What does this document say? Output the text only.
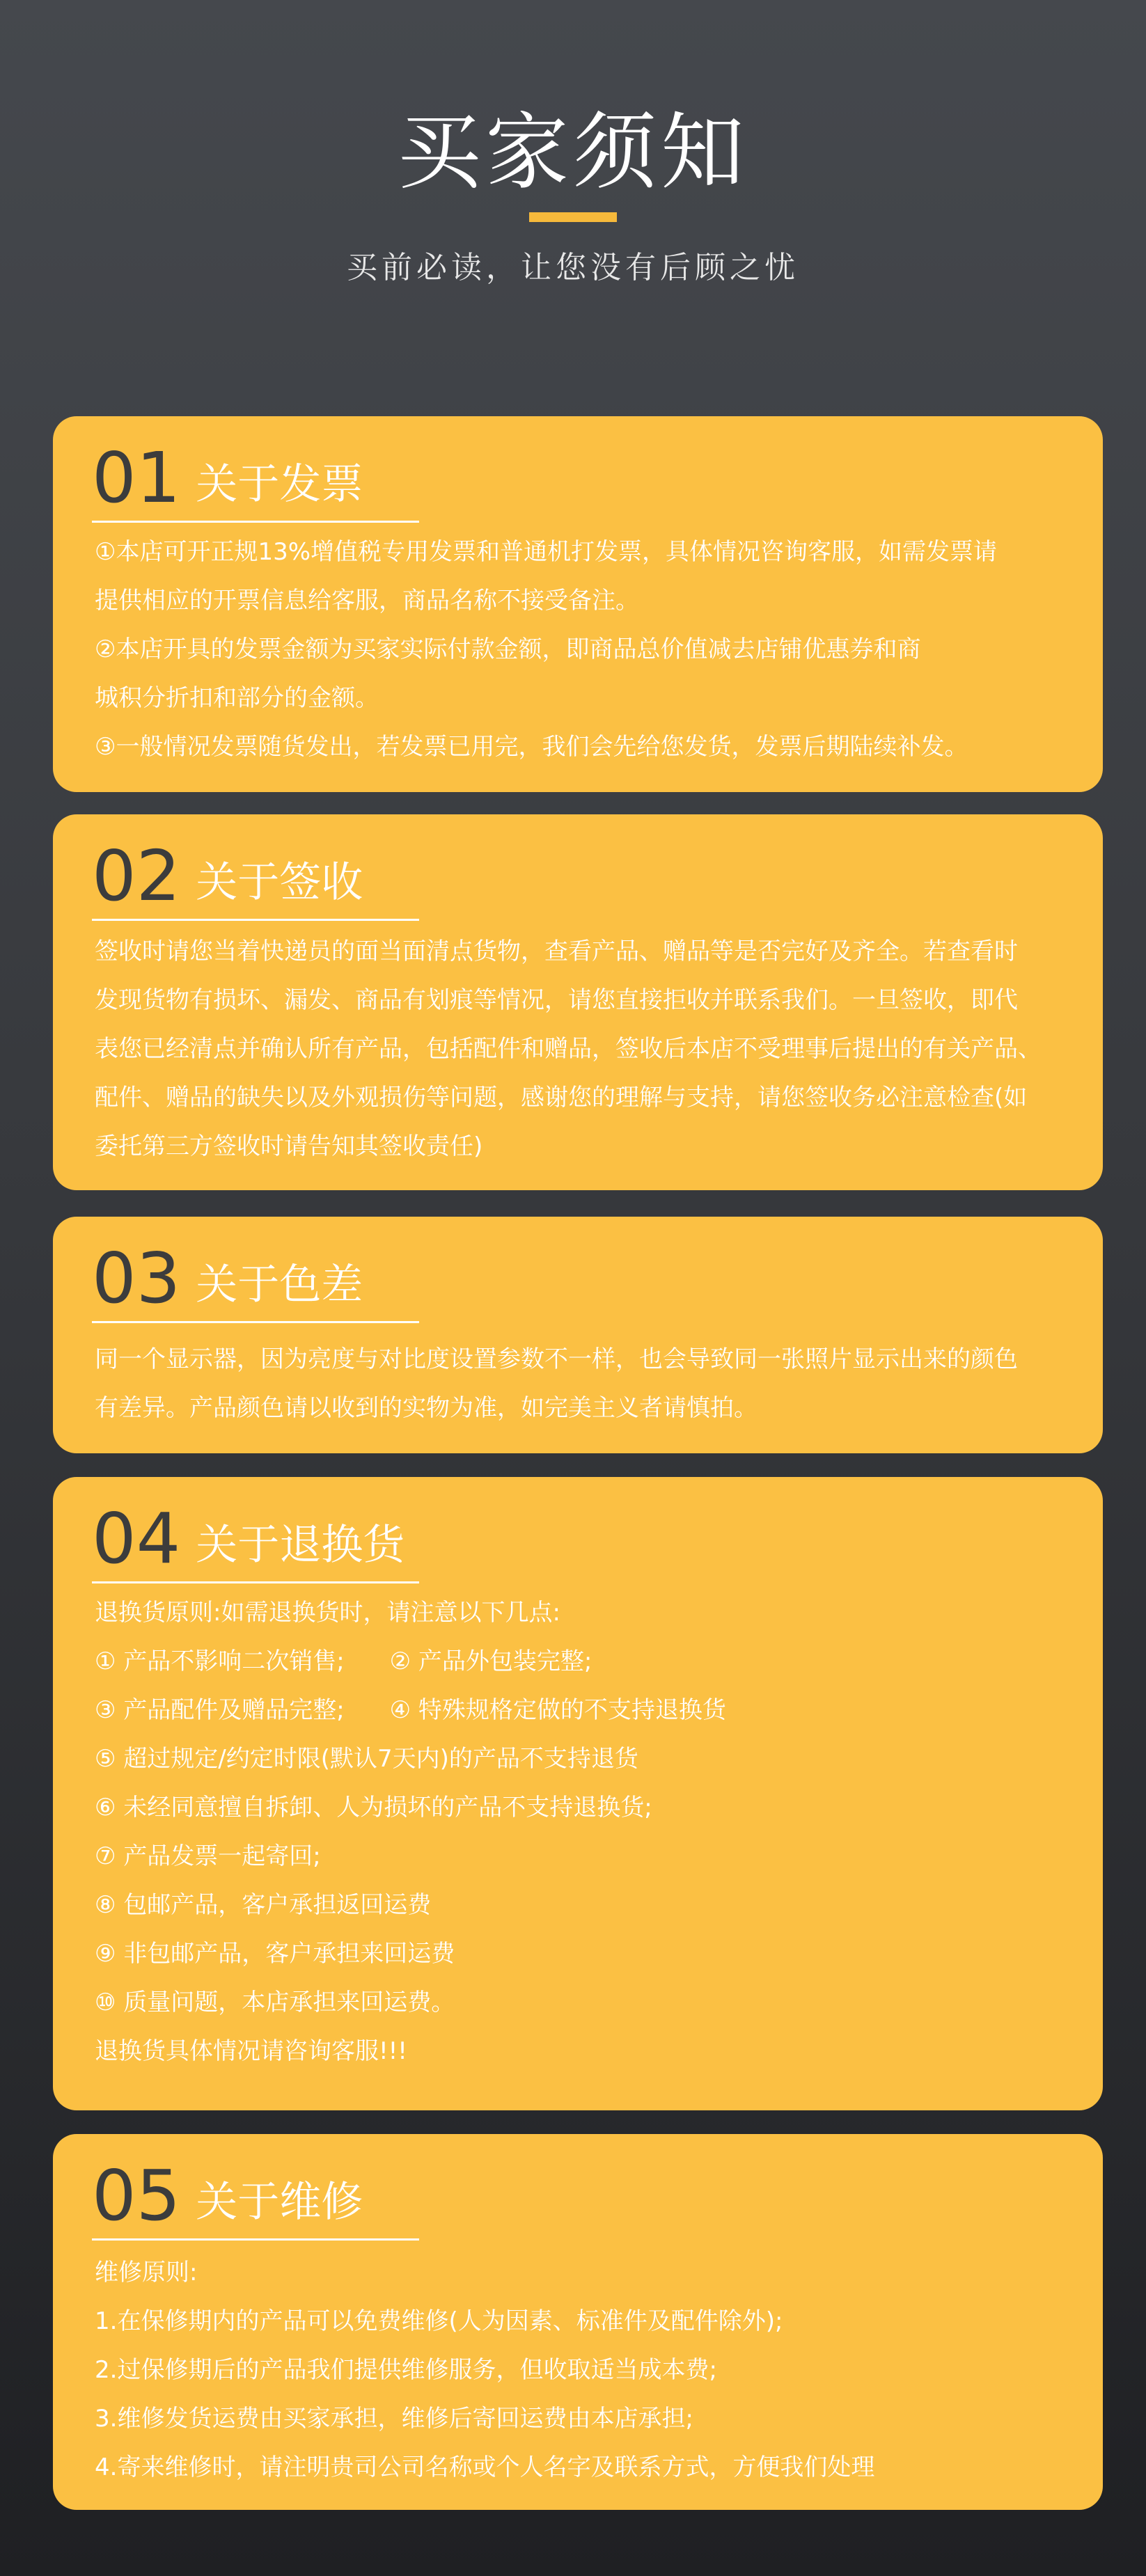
买家须知
买前必读，让您没有后顾之忧
01 关于发票

①本店可开正规13%增值税专用发票和普通机打发票，具体情况咨询客服，如需发票请

提供相应的开票信息给客服，商品名称不接受备注。

②本店开具的发票金额为买家实际付款金额，即商品总价值减去店铺优惠券和商

城积分折扣和部分的金额。

③一般情况发票随货发出，若发票已用完，我们会先给您发货，发票后期陆续补发。

02 关于签收

签收时请您当着快递员的面当面清点货物，查看产品、赠品等是否完好及齐全。若查看时

发现货物有损坏、漏发、商品有划痕等情况，请您直接拒收并联系我们。一旦签收，即代

表您已经清点并确认所有产品，包括配件和赠品，签收后本店不受理事后提出的有关产品、

配件、赠品的缺失以及外观损伤等问题，感谢您的理解与支持，请您签收务必注意检查(如

委托第三方签收时请告知其签收责任)

03 关于色差

同一个显示器，因为亮度与对比度设置参数不一样，也会导致同一张照片显示出来的颜色

有差异。产品颜色请以收到的实物为准，如完美主义者请慎拍。

04 关于退换货

退换货原则:如需退换货时，请注意以下几点:

① 产品不影响二次销售;      ② 产品外包装完整;

③ 产品配件及赠品完整;      ④ 特殊规格定做的不支持退换货

⑤ 超过规定/约定时限(默认7天内)的产品不支持退货

⑥ 未经同意擅自拆卸、人为损坏的产品不支持退换货;

⑦ 产品发票一起寄回;

⑧ 包邮产品，客户承担返回运费

⑨ 非包邮产品，客户承担来回运费

⑩ 质量问题，本店承担来回运费。

退换货具体情况请咨询客服!!!

05 关于维修

维修原则:

1.在保修期内的产品可以免费维修(人为因素、标准件及配件除外);

2.过保修期后的产品我们提供维修服务，但收取适当成本费;

3.维修发货运费由买家承担，维修后寄回运费由本店承担;

4.寄来维修时，请注明贵司公司名称或个人名字及联系方式，方便我们处理
